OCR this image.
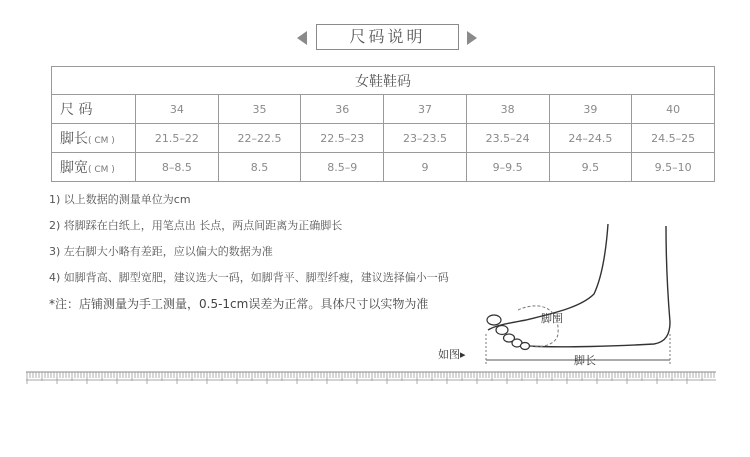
尺码说明
女鞋鞋码							
尺 码	34	35	36	37	38	39	40
脚长( CM )	21.5–22	22–22.5	22.5–23	23–23.5	23.5–24	24–24.5	24.5–25
脚宽( CM )	8–8.5	8.5	8.5–9	9	9–9.5	9.5	9.5–10
1) 以上数据的测量单位为cm
2) 将脚踩在白纸上，用笔点出 长点，两点间距离为正确脚长
3) 左右脚大小略有差距，应以偏大的数据为准
4) 如脚背高、脚型宽肥，建议选大一码，如脚背平、脚型纤瘦，建议选择偏小一码
*注：店铺测量为手工测量，0.5-1cm误差为正常。具体尺寸以实物为准
脚围
脚长
如图▸
